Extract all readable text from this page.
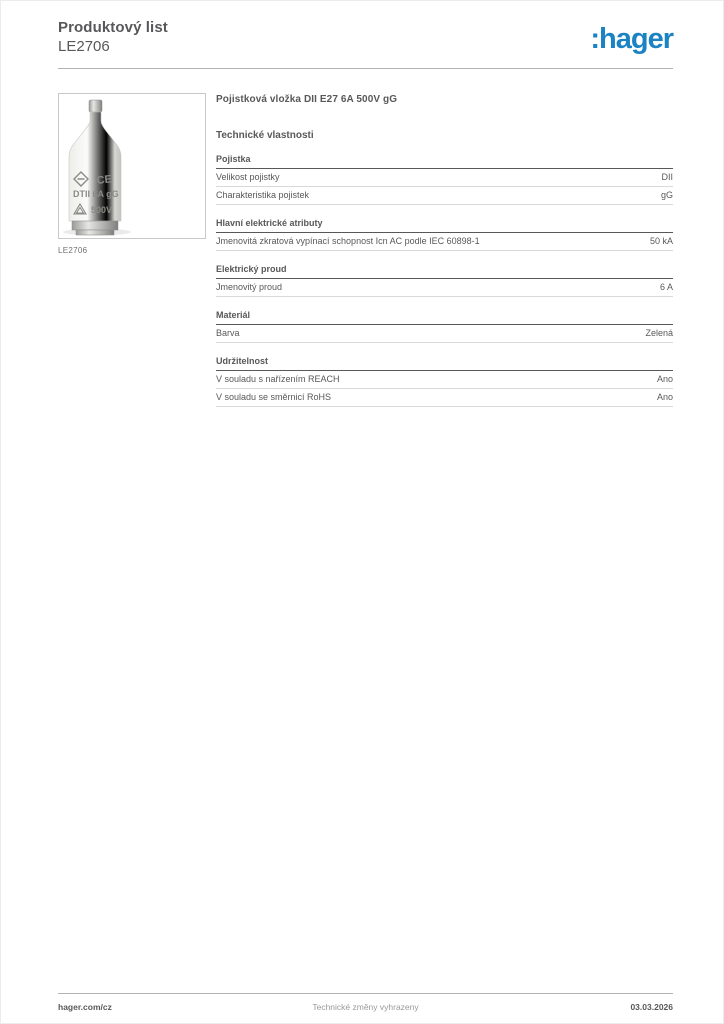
Produktový list
LE2706	:hager
CE
DTII 6A gG
500V
LE2706
Pojistková vložka DII E27 6A 500V gG
Technické vlastnosti
Pojistka
Velikost pojistky	DII
Charakteristika pojistek	gG
Hlavní elektrické atributy
Jmenovitá zkratová vypínací schopnost Icn AC podle IEC 60898-1	50 kA
Elektrický proud
Jmenovitý proud	6 A
Materiál
Barva	Zelená
Udržitelnost
V souladu s nařízením REACH	Ano
V souladu se směrnicí RoHS	Ano
hager.com/cz	Technické změny vyhrazeny	03.03.2026
